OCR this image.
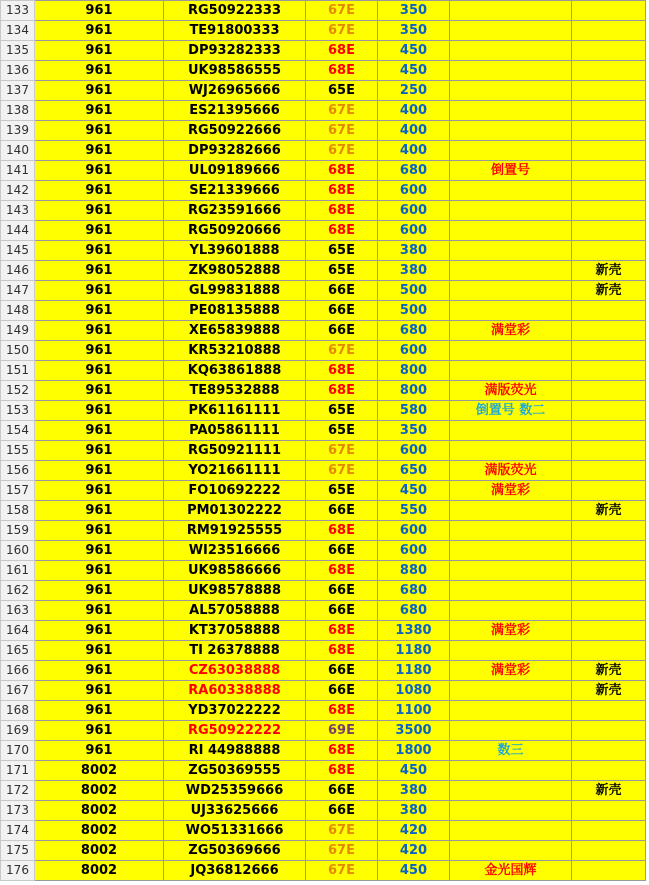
133	961	RG50922333	67E	350		
134	961	TE91800333	67E	350		
135	961	DP93282333	68E	450		
136	961	UK98586555	68E	450		
137	961	WJ26965666	65E	250		
138	961	ES21395666	67E	400		
139	961	RG50922666	67E	400		
140	961	DP93282666	67E	400		
141	961	UL09189666	68E	680	倒置号	
142	961	SE21339666	68E	600		
143	961	RG23591666	68E	600		
144	961	RG50920666	68E	600		
145	961	YL39601888	65E	380		
146	961	ZK98052888	65E	380		新壳
147	961	GL99831888	66E	500		新壳
148	961	PE08135888	66E	500		
149	961	XE65839888	66E	680	满堂彩	
150	961	KR53210888	67E	600		
151	961	KQ63861888	68E	800		
152	961	TE89532888	68E	800	满版荧光	
153	961	PK61161111	65E	580	倒置号 数二	
154	961	PA05861111	65E	350		
155	961	RG50921111	67E	600		
156	961	YO21661111	67E	650	满版荧光	
157	961	FO10692222	65E	450	满堂彩	
158	961	PM01302222	66E	550		新壳
159	961	RM91925555	68E	600		
160	961	WI23516666	66E	600		
161	961	UK98586666	68E	880		
162	961	UK98578888	66E	680		
163	961	AL57058888	66E	680		
164	961	KT37058888	68E	1380	满堂彩	
165	961	TI 26378888	68E	1180		
166	961	CZ63038888	66E	1180	满堂彩	新壳
167	961	RA60338888	66E	1080		新壳
168	961	YD37022222	68E	1100		
169	961	RG50922222	69E	3500		
170	961	RI 44988888	68E	1800	数三	
171	8002	ZG50369555	68E	450		
172	8002	WD25359666	66E	380		新壳
173	8002	UJ33625666	66E	380		
174	8002	WO51331666	67E	420		
175	8002	ZG50369666	67E	420		
176	8002	JQ36812666	67E	450	金光国辉	
